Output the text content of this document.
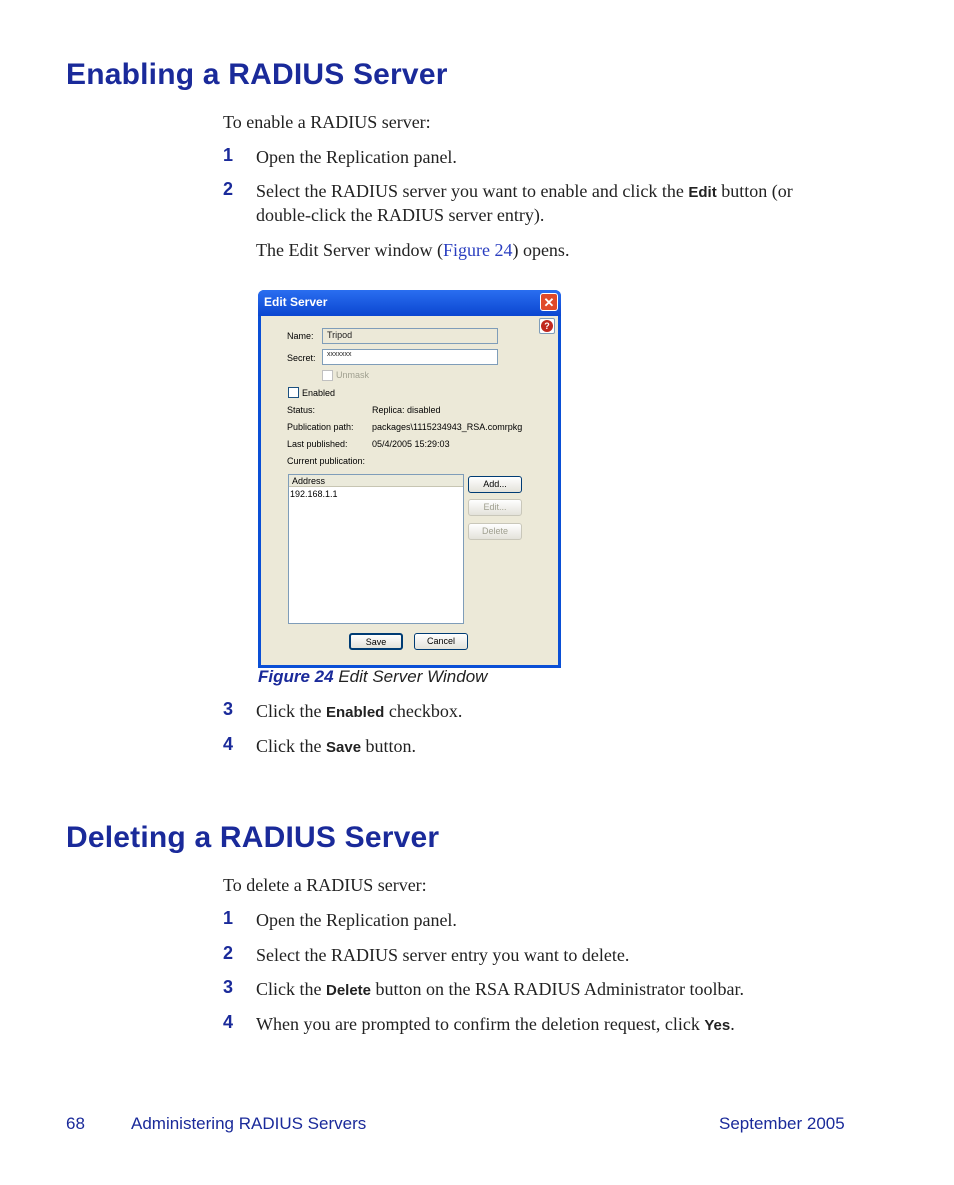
Enabling a RADIUS Server
To enable a RADIUS server:
1 Open the Replication panel.
2 Select the RADIUS server you want to enable and click the Edit button (or
double-click the RADIUS server entry).
The Edit Server window (Figure 24) opens.
Edit Server	✕
?
Name:	Tripod
Secret:	xxxxxxx
Unmask
Enabled
Status:	Replica: disabled
Publication path: packages\1115234943_RSA.comrpkg
Last published:	05/4/2005 15:29:03
Current publication:
Address
192.168.1.1
Add...
Edit...
Delete
Save	Cancel
Figure 24 Edit Server Window
3 Click the Enabled checkbox.
4 Click the Save button.
Deleting a RADIUS Server
To delete a RADIUS server:
1 Open the Replication panel.
2 Select the RADIUS server entry you want to delete.
3 Click the Delete button on the RSA RADIUS Administrator toolbar.
4 When you are prompted to confirm the deletion request, click Yes.
68	Administering RADIUS Servers	September 2005
